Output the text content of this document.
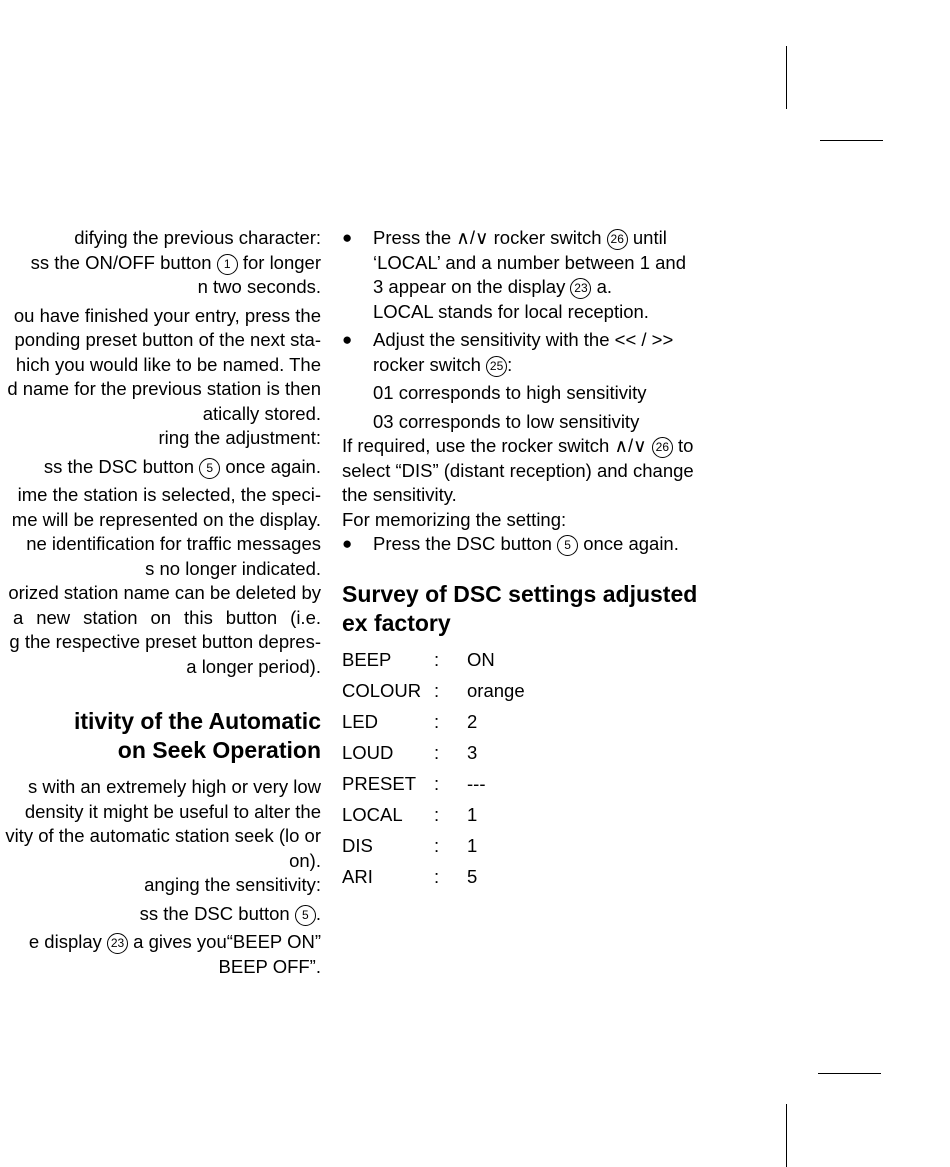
difying the previous character:
ss the ON/OFF button 1 for longer
n two seconds.
ou have finished your entry, press the
ponding preset button of the next sta-
hich you would like to be named. The
d name for the previous station is then
atically stored.
ring the adjustment:
ss the DSC button 5 once again.
ime the station is selected, the speci-
me will be represented on the display.
ne identification for traffic messages
s no longer indicated.
orized station name can be deleted by
a new station on this button (i.e.
g the respective preset button depres-
a longer period).
itivity of the Automatic
on Seek Operation
s with an extremely high or very low
density it might be useful to alter the
vity of the automatic station seek (lo or
on).
anging the sensitivity:
ss the DSC button 5 .
e display 23 a gives you“BEEP ON”
BEEP OFF”.
● Press the ∧/∨ rocker switch 26 until
‘LOCAL’ and a number between 1 and
3 appear on the display 23 a.
LOCAL stands for local reception.
● Adjust the sensitivity with the << / >>
rocker switch 25 :
01 corresponds to high sensitivity
03 corresponds to low sensitivity
If required, use the rocker switch ∧/∨ 26 to
select “DIS” (distant reception) and change
the sensitivity.
For memorizing the setting:
● Press the DSC button 5 once again.
Survey of DSC settings adjusted
ex factory
BEEP	:	ON
COLOUR :	orange
LED	:	2
LOUD	:	3
PRESET :	---
LOCAL	:	1
DIS	:	1
ARI	:	5
